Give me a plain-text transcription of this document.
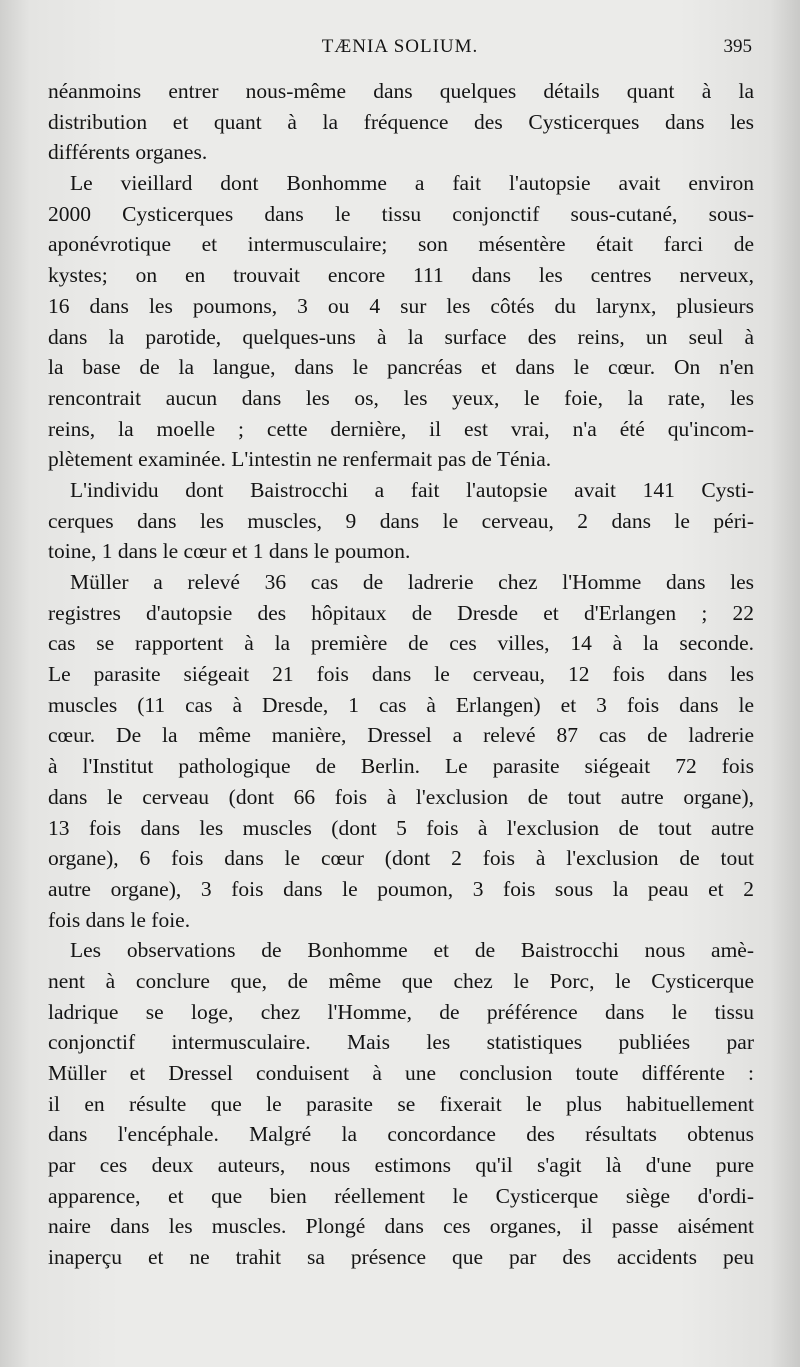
TÆNIA SOLIUM.	395
néanmoins entrer nous-même dans quelques détails quant à la
distribution et quant à la fréquence des Cysticerques dans les
différents organes.
Le vieillard dont Bonhomme a fait l'autopsie avait environ
2000 Cysticerques dans le tissu conjonctif sous-cutané, sous-
aponévrotique et intermusculaire; son mésentère était farci de
kystes; on en trouvait encore 111 dans les centres nerveux,
16 dans les poumons, 3 ou 4 sur les côtés du larynx, plusieurs
dans la parotide, quelques-uns à la surface des reins, un seul à
la base de la langue, dans le pancréas et dans le cœur. On n'en
rencontrait aucun dans les os, les yeux, le foie, la rate, les
reins, la moelle ; cette dernière, il est vrai, n'a été qu'incom-
plètement examinée. L'intestin ne renfermait pas de Ténia.
L'individu dont Baistrocchi a fait l'autopsie avait 141 Cysti-
cerques dans les muscles, 9 dans le cerveau, 2 dans le péri-
toine, 1 dans le cœur et 1 dans le poumon.
Müller a relevé 36 cas de ladrerie chez l'Homme dans les
registres d'autopsie des hôpitaux de Dresde et d'Erlangen ; 22
cas se rapportent à la première de ces villes, 14 à la seconde.
Le parasite siégeait 21 fois dans le cerveau, 12 fois dans les
muscles (11 cas à Dresde, 1 cas à Erlangen) et 3 fois dans le
cœur. De la même manière, Dressel a relevé 87 cas de ladrerie
à l'Institut pathologique de Berlin. Le parasite siégeait 72 fois
dans le cerveau (dont 66 fois à l'exclusion de tout autre organe),
13 fois dans les muscles (dont 5 fois à l'exclusion de tout autre
organe), 6 fois dans le cœur (dont 2 fois à l'exclusion de tout
autre organe), 3 fois dans le poumon, 3 fois sous la peau et 2
fois dans le foie.
Les observations de Bonhomme et de Baistrocchi nous amè-
nent à conclure que, de même que chez le Porc, le Cysticerque
ladrique se loge, chez l'Homme, de préférence dans le tissu
conjonctif intermusculaire. Mais les statistiques publiées par
Müller et Dressel conduisent à une conclusion toute différente :
il en résulte que le parasite se fixerait le plus habituellement
dans l'encéphale. Malgré la concordance des résultats obtenus
par ces deux auteurs, nous estimons qu'il s'agit là d'une pure
apparence, et que bien réellement le Cysticerque siège d'ordi-
naire dans les muscles. Plongé dans ces organes, il passe aisément
inaperçu et ne trahit sa présence que par des accidents peu
